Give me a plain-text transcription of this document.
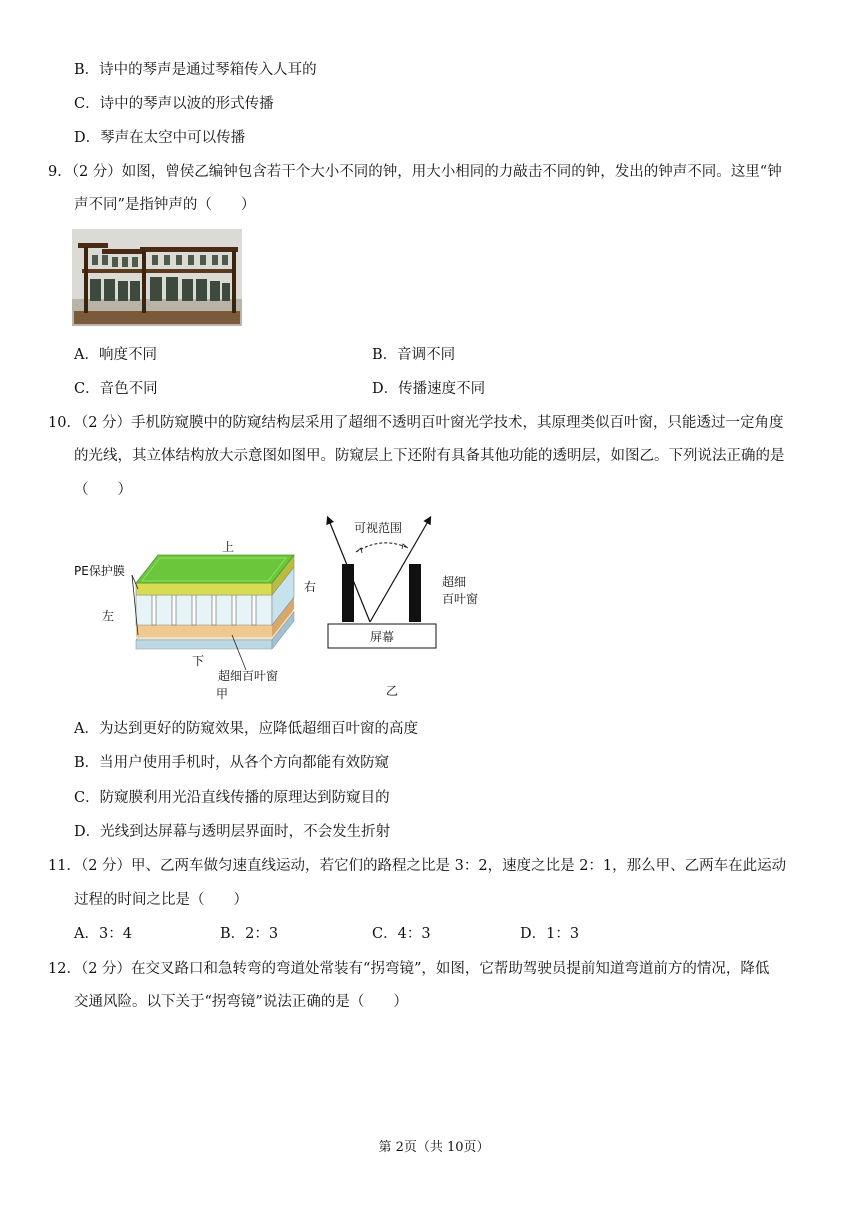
B．诗中的琴声是通过琴箱传入人耳的
C．诗中的琴声以波的形式传播
D．琴声在太空中可以传播
9．（2 分）如图，曾侯乙编钟包含若干个大小不同的钟，用大小相同的力敲击不同的钟，发出的钟声不同。这里“钟
声不同”是指钟声的（　　）
A．响度不同	B．音调不同
C．音色不同	D．传播速度不同
10．（2 分）手机防窥膜中的防窥结构层采用了超细不透明百叶窗光学技术，其原理类似百叶窗，只能透过一定角度
的光线，其立体结构放大示意图如图甲。防窥层上下还附有具备其他功能的透明层，如图乙。下列说法正确的是
（　　）
上
PE保护膜
右
左
下
超细百叶窗
甲
可视范围
超细
百叶窗
屏幕
乙
A．为达到更好的防窥效果，应降低超细百叶窗的高度
B．当用户使用手机时，从各个方向都能有效防窥
C．防窥膜利用光沿直线传播的原理达到防窥目的
D．光线到达屏幕与透明层界面时，不会发生折射
11．（2 分）甲、乙两车做匀速直线运动，若它们的路程之比是 3：2，速度之比是 2：1，那么甲、乙两车在此运动
过程的时间之比是（　　）
A．3：4	B．2：3	C．4：3	D．1：3
12．（2 分）在交叉路口和急转弯的弯道处常装有“拐弯镜”，如图，它帮助驾驶员提前知道弯道前方的情况，降低
交通风险。以下关于“拐弯镜”说法正确的是（　　）
第 2页（共 10页）
